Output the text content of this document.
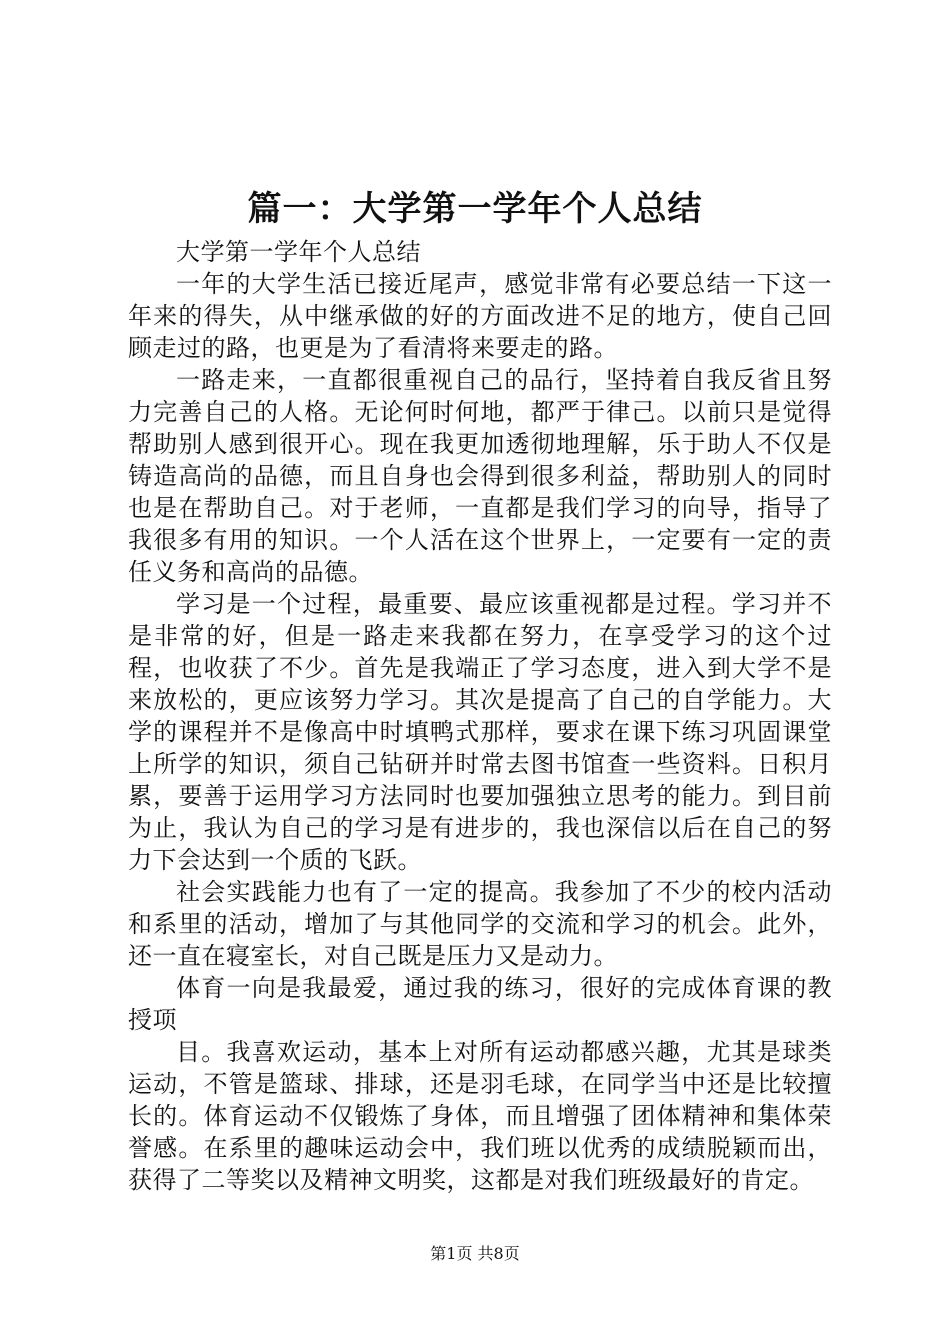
篇一：大学第一学年个人总结

大学第一学年个人总结

一年的大学生活已接近尾声，感觉非常有必要总结一下这一年来的得失，从中继承做的好的方面改进不足的地方，使自己回顾走过的路，也更是为了看清将来要走的路。

一路走来，一直都很重视自己的品行，坚持着自我反省且努力完善自己的人格。无论何时何地，都严于律己。以前只是觉得帮助别人感到很开心。现在我更加透彻地理解，乐于助人不仅是铸造高尚的品德，而且自身也会得到很多利益，帮助别人的同时也是在帮助自己。对于老师，一直都是我们学习的向导，指导了我很多有用的知识。一个人活在这个世界上，一定要有一定的责任义务和高尚的品德。

学习是一个过程，最重要、最应该重视都是过程。学习并不是非常的好，但是一路走来我都在努力，在享受学习的这个过程，也收获了不少。首先是我端正了学习态度，进入到大学不是来放松的，更应该努力学习。其次是提高了自己的自学能力。大学的课程并不是像高中时填鸭式那样，要求在课下练习巩固课堂上所学的知识，须自己钻研并时常去图书馆查一些资料。日积月累，要善于运用学习方法同时也要加强独立思考的能力。到目前为止，我认为自己的学习是有进步的，我也深信以后在自己的努力下会达到一个质的飞跃。

社会实践能力也有了一定的提高。我参加了不少的校内活动和系里的活动，增加了与其他同学的交流和学习的机会。此外，还一直在寝室长，对自己既是压力又是动力。

体育一向是我最爱，通过我的练习，很好的完成体育课的教授项

目。我喜欢运动，基本上对所有运动都感兴趣，尤其是球类运动，不管是篮球、排球，还是羽毛球，在同学当中还是比较擅长的。体育运动不仅锻炼了身体，而且增强了团体精神和集体荣誉感。在系里的趣味运动会中，我们班以优秀的成绩脱颖而出，获得了二等奖以及精神文明奖，这都是对我们班级最好的肯定。

第1页 共8页
